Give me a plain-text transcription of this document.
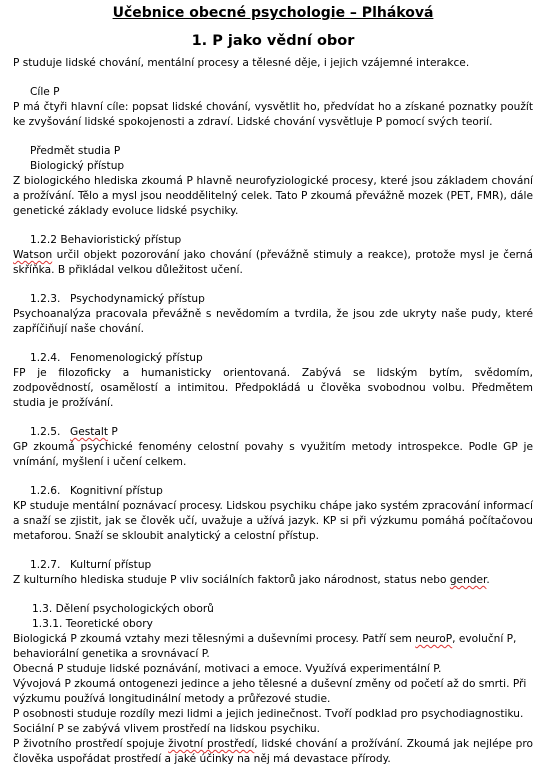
Učebnice obecné psychologie – Plháková
1. P jako vědní obor

P studuje lidské chování, mentální procesy a tělesné děje, i jejich vzájemné interakce.

Cíle P

P má čtyři hlavní cíle: popsat lidské chování, vysvětlit ho, předvídat ho a získané poznatky použít ke zvyšování lidské spokojenosti a zdraví. Lidské chování vysvětluje P pomocí svých teorií.

Předmět studia P

Biologický přístup

Z biologického hlediska zkoumá P hlavně neurofyziologické procesy, které jsou základem chování a prožívání. Tělo a mysl jsou neoddělitelný celek. Tato P zkoumá převážně mozek (PET, FMR), dále genetické základy evoluce lidské psychiky.

1.2.2 Behavioristický přístup

Watson určil objekt pozorování jako chování (převážně stimuly a reakce), protože mysl je černá skříňka. B přikládal velkou důležitost učení.

1.2.3. Psychodynamický přístup

Psychoanalýza pracovala převážně s nevědomím a tvrdila, že jsou zde ukryty naše pudy, které zapříčiňují naše chování.

1.2.4. Fenomenologický přístup

FP je filozoficky a humanisticky orientovaná. Zabývá se lidským bytím, svědomím, zodpovědností, osamělostí a intimitou. Předpokládá u člověka svobodnou volbu. Předmětem studia je prožívání.

1.2.5. Gestalt P

GP zkoumá psychické fenomény celostní povahy s využitím metody introspekce. Podle GP je vnímání, myšlení i učení celkem.

1.2.6. Kognitivní přístup

KP studuje mentální poznávací procesy. Lidskou psychiku chápe jako systém zpracování informací a snaží se zjistit, jak se člověk učí, uvažuje a užívá jazyk. KP si při výzkumu pomáhá počítačovou metaforou. Snaží se skloubit analytický a celostní přístup.

1.2.7. Kulturní přístup

Z kulturního hlediska studuje P vliv sociálních faktorů jako národnost, status nebo gender.

1.3. Dělení psychologických oborů

1.3.1. Teoretické obory

Biologická P zkoumá vztahy mezi tělesnými a duševními procesy. Patří sem neuroP, evoluční P, behaviorální genetika a srovnávací P.

Obecná P studuje lidské poznávání, motivaci a emoce. Využívá experimentální P.

Vývojová P zkoumá ontogenezi jedince a jeho tělesné a duševní změny od početí až do smrti. Při výzkumu používá longitudinální metody a průřezové studie.

P osobnosti studuje rozdíly mezi lidmi a jejich jedinečnost. Tvoří podklad pro psychodiagnostiku.

Sociální P se zabývá vlivem prostředí na lidskou psychiku.

P životního prostředí spojuje životní prostředí, lidské chování a prožívání. Zkoumá jak nejlépe pro člověka uspořádat prostředí a jaké účinky na něj má devastace přírody.
